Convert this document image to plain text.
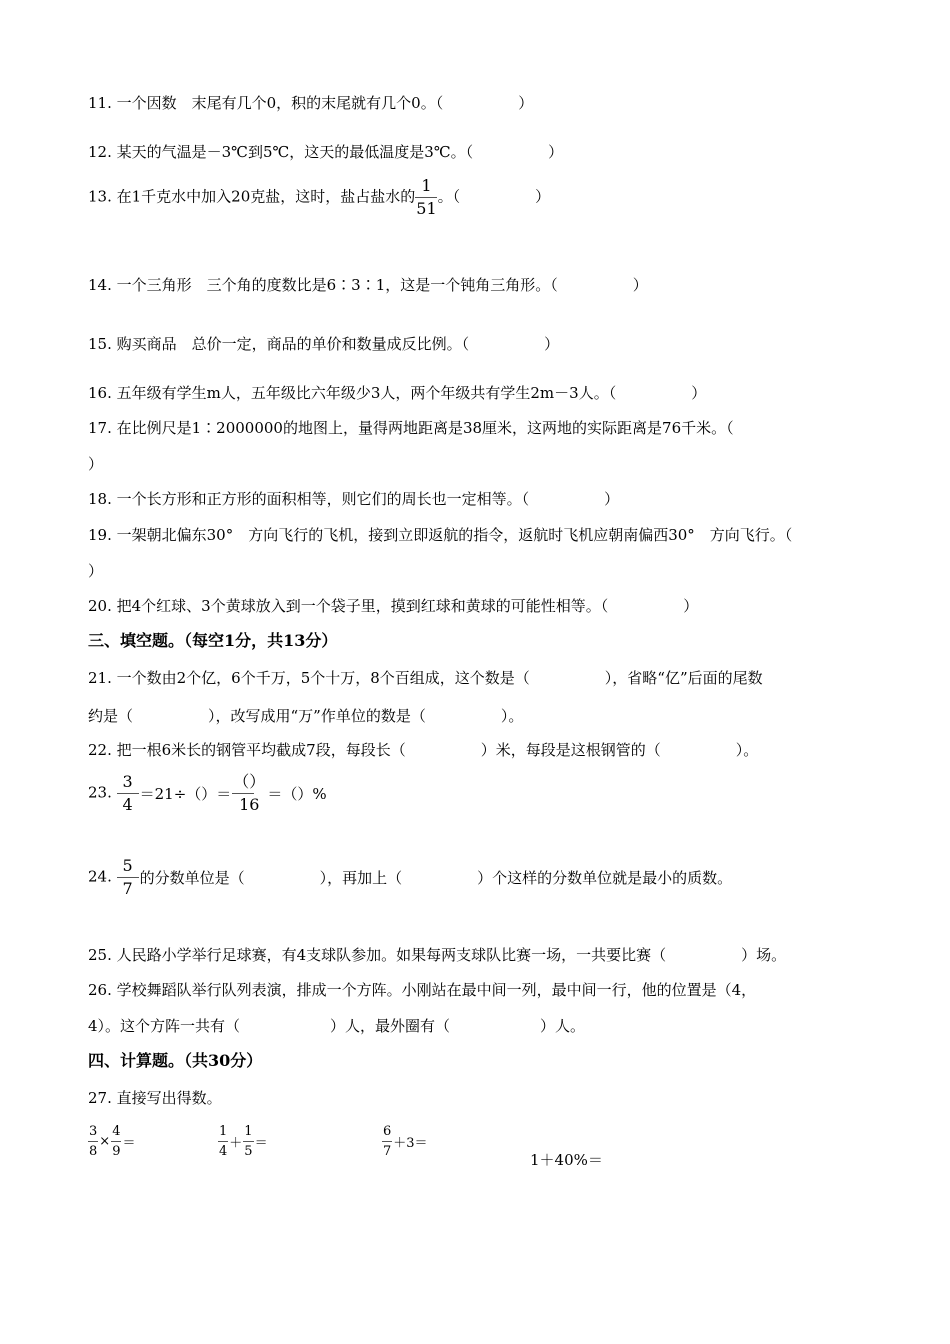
11. 一个因数　末尾有几个0，积的末尾就有几个0。（　　　　　）
12. 某天的气温是－3℃到5℃，这天的最低温度是3℃。（　　　　　）
13. 在1千克水中加入20克盐，这时，盐占盐水的 $\frac{1}{51}$ 。（　　　　　）
14. 一个三角形　三个角的度数比是6∶3∶1，这是一个钝角三角形。（　　　　　）
15. 购买商品　总价一定，商品的单价和数量成反比例。（　　　　　）
16. 五年级有学生m人，五年级比六年级少3人，两个年级共有学生2m－3人。（　　　　　）
17. 在比例尺是1∶2000000的地图上，量得两地距离是38厘米，这两地的实际距离是76千米。（
）
18. 一个长方形和正方形的面积相等，则它们的周长也一定相等。（　　　　　）
19. 一架朝北偏东30°　方向飞行的飞机，接到立即返航的指令，返航时飞机应朝南偏西30°　方向飞行。（
）
20. 把4个红球、3个黄球放入到一个袋子里，摸到红球和黄球的可能性相等。（　　　　　）
三、填空题。（每空1分，共13分）
21. 一个数由2个亿，6个千万，5个十万，8个百组成，这个数是（　　　　　），省略“亿”后面的尾数
约是（　　　　　），改写成用“万”作单位的数是（　　　　　）。
22. 把一根6米长的钢管平均截成7段，每段长（　　　　　）米，每段是这根钢管的（　　　　　）。
23. $\frac{3}{4} =21\div()= \frac{()}{16}$ ＝（）%
24. $\frac{5}{7}$ 的分数单位是（　　　　　），再加上（　　　　　）个这样的分数单位就是最小的质数。
25. 人民路小学举行足球赛，有4支球队参加。如果每两支球队比赛一场，一共要比赛（　　　　　）场。
26. 学校舞蹈队举行队列表演，排成一个方阵。小刚站在最中间一列，最中间一行，他的位置是（4，
4）。这个方阵一共有（　　　　　　）人，最外圈有（　　　　　　）人。
四、计算题。（共30分）
27. 直接写出得数。
$\frac{3}{8} \times \frac{4}{9}$ ＝	$\frac{1}{4} + \frac{1}{5}$ ＝	$\frac{6}{7} +3=$
1＋40%＝
